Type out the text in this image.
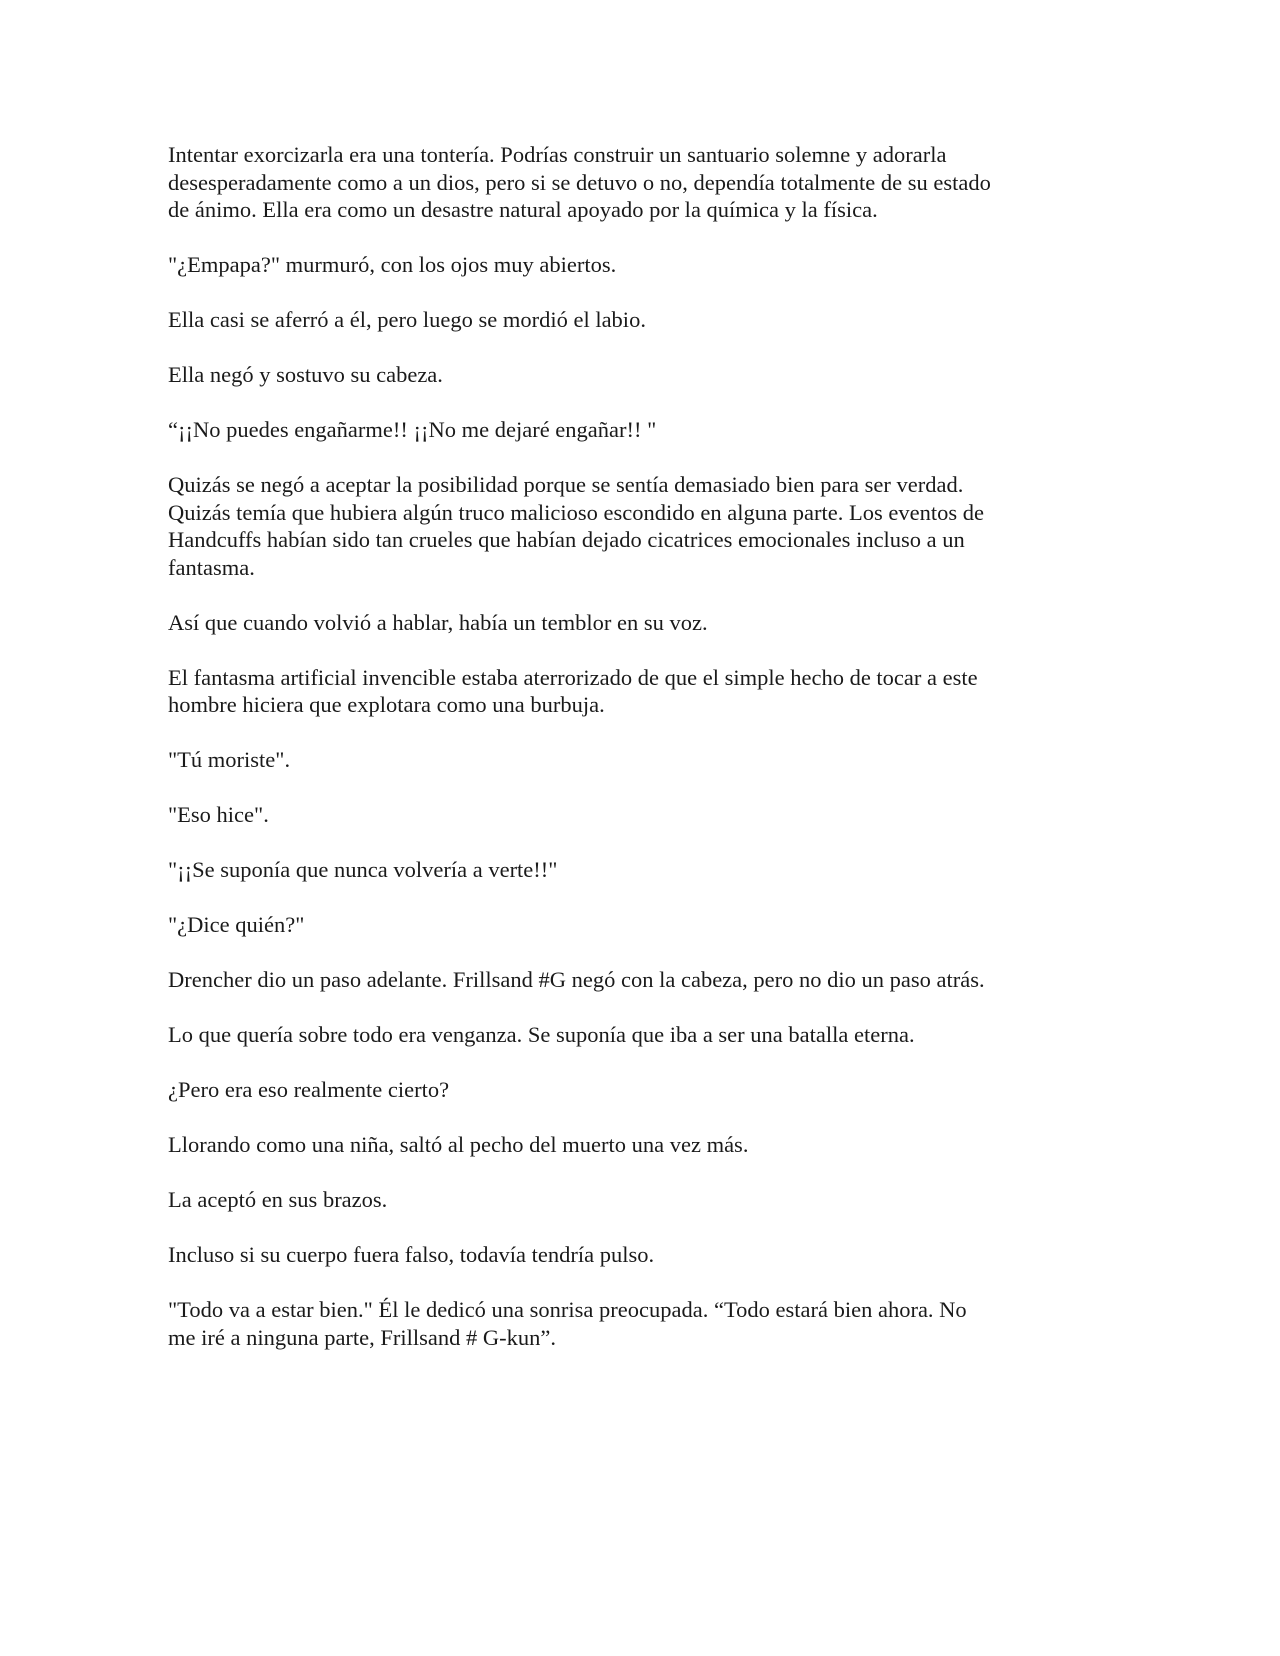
Intentar exorcizarla era una tontería. Podrías construir un santuario solemne y adorarla
desesperadamente como a un dios, pero si se detuvo o no, dependía totalmente de su estado
de ánimo. Ella era como un desastre natural apoyado por la química y la física.

"¿Empapa?" murmuró, con los ojos muy abiertos.

Ella casi se aferró a él, pero luego se mordió el labio.

Ella negó y sostuvo su cabeza.

“¡¡No puedes engañarme!! ¡¡No me dejaré engañar!! "

Quizás se negó a aceptar la posibilidad porque se sentía demasiado bien para ser verdad.
Quizás temía que hubiera algún truco malicioso escondido en alguna parte. Los eventos de
Handcuffs habían sido tan crueles que habían dejado cicatrices emocionales incluso a un
fantasma.

Así que cuando volvió a hablar, había un temblor en su voz.

El fantasma artificial invencible estaba aterrorizado de que el simple hecho de tocar a este
hombre hiciera que explotara como una burbuja.

"Tú moriste".

"Eso hice".

"¡¡Se suponía que nunca volvería a verte!!"

"¿Dice quién?"

Drencher dio un paso adelante. Frillsand #G negó con la cabeza, pero no dio un paso atrás.

Lo que quería sobre todo era venganza. Se suponía que iba a ser una batalla eterna.

¿Pero era eso realmente cierto?

Llorando como una niña, saltó al pecho del muerto una vez más.

La aceptó en sus brazos.

Incluso si su cuerpo fuera falso, todavía tendría pulso.

"Todo va a estar bien." Él le dedicó una sonrisa preocupada. “Todo estará bien ahora. No
me iré a ninguna parte, Frillsand # G-kun”.
